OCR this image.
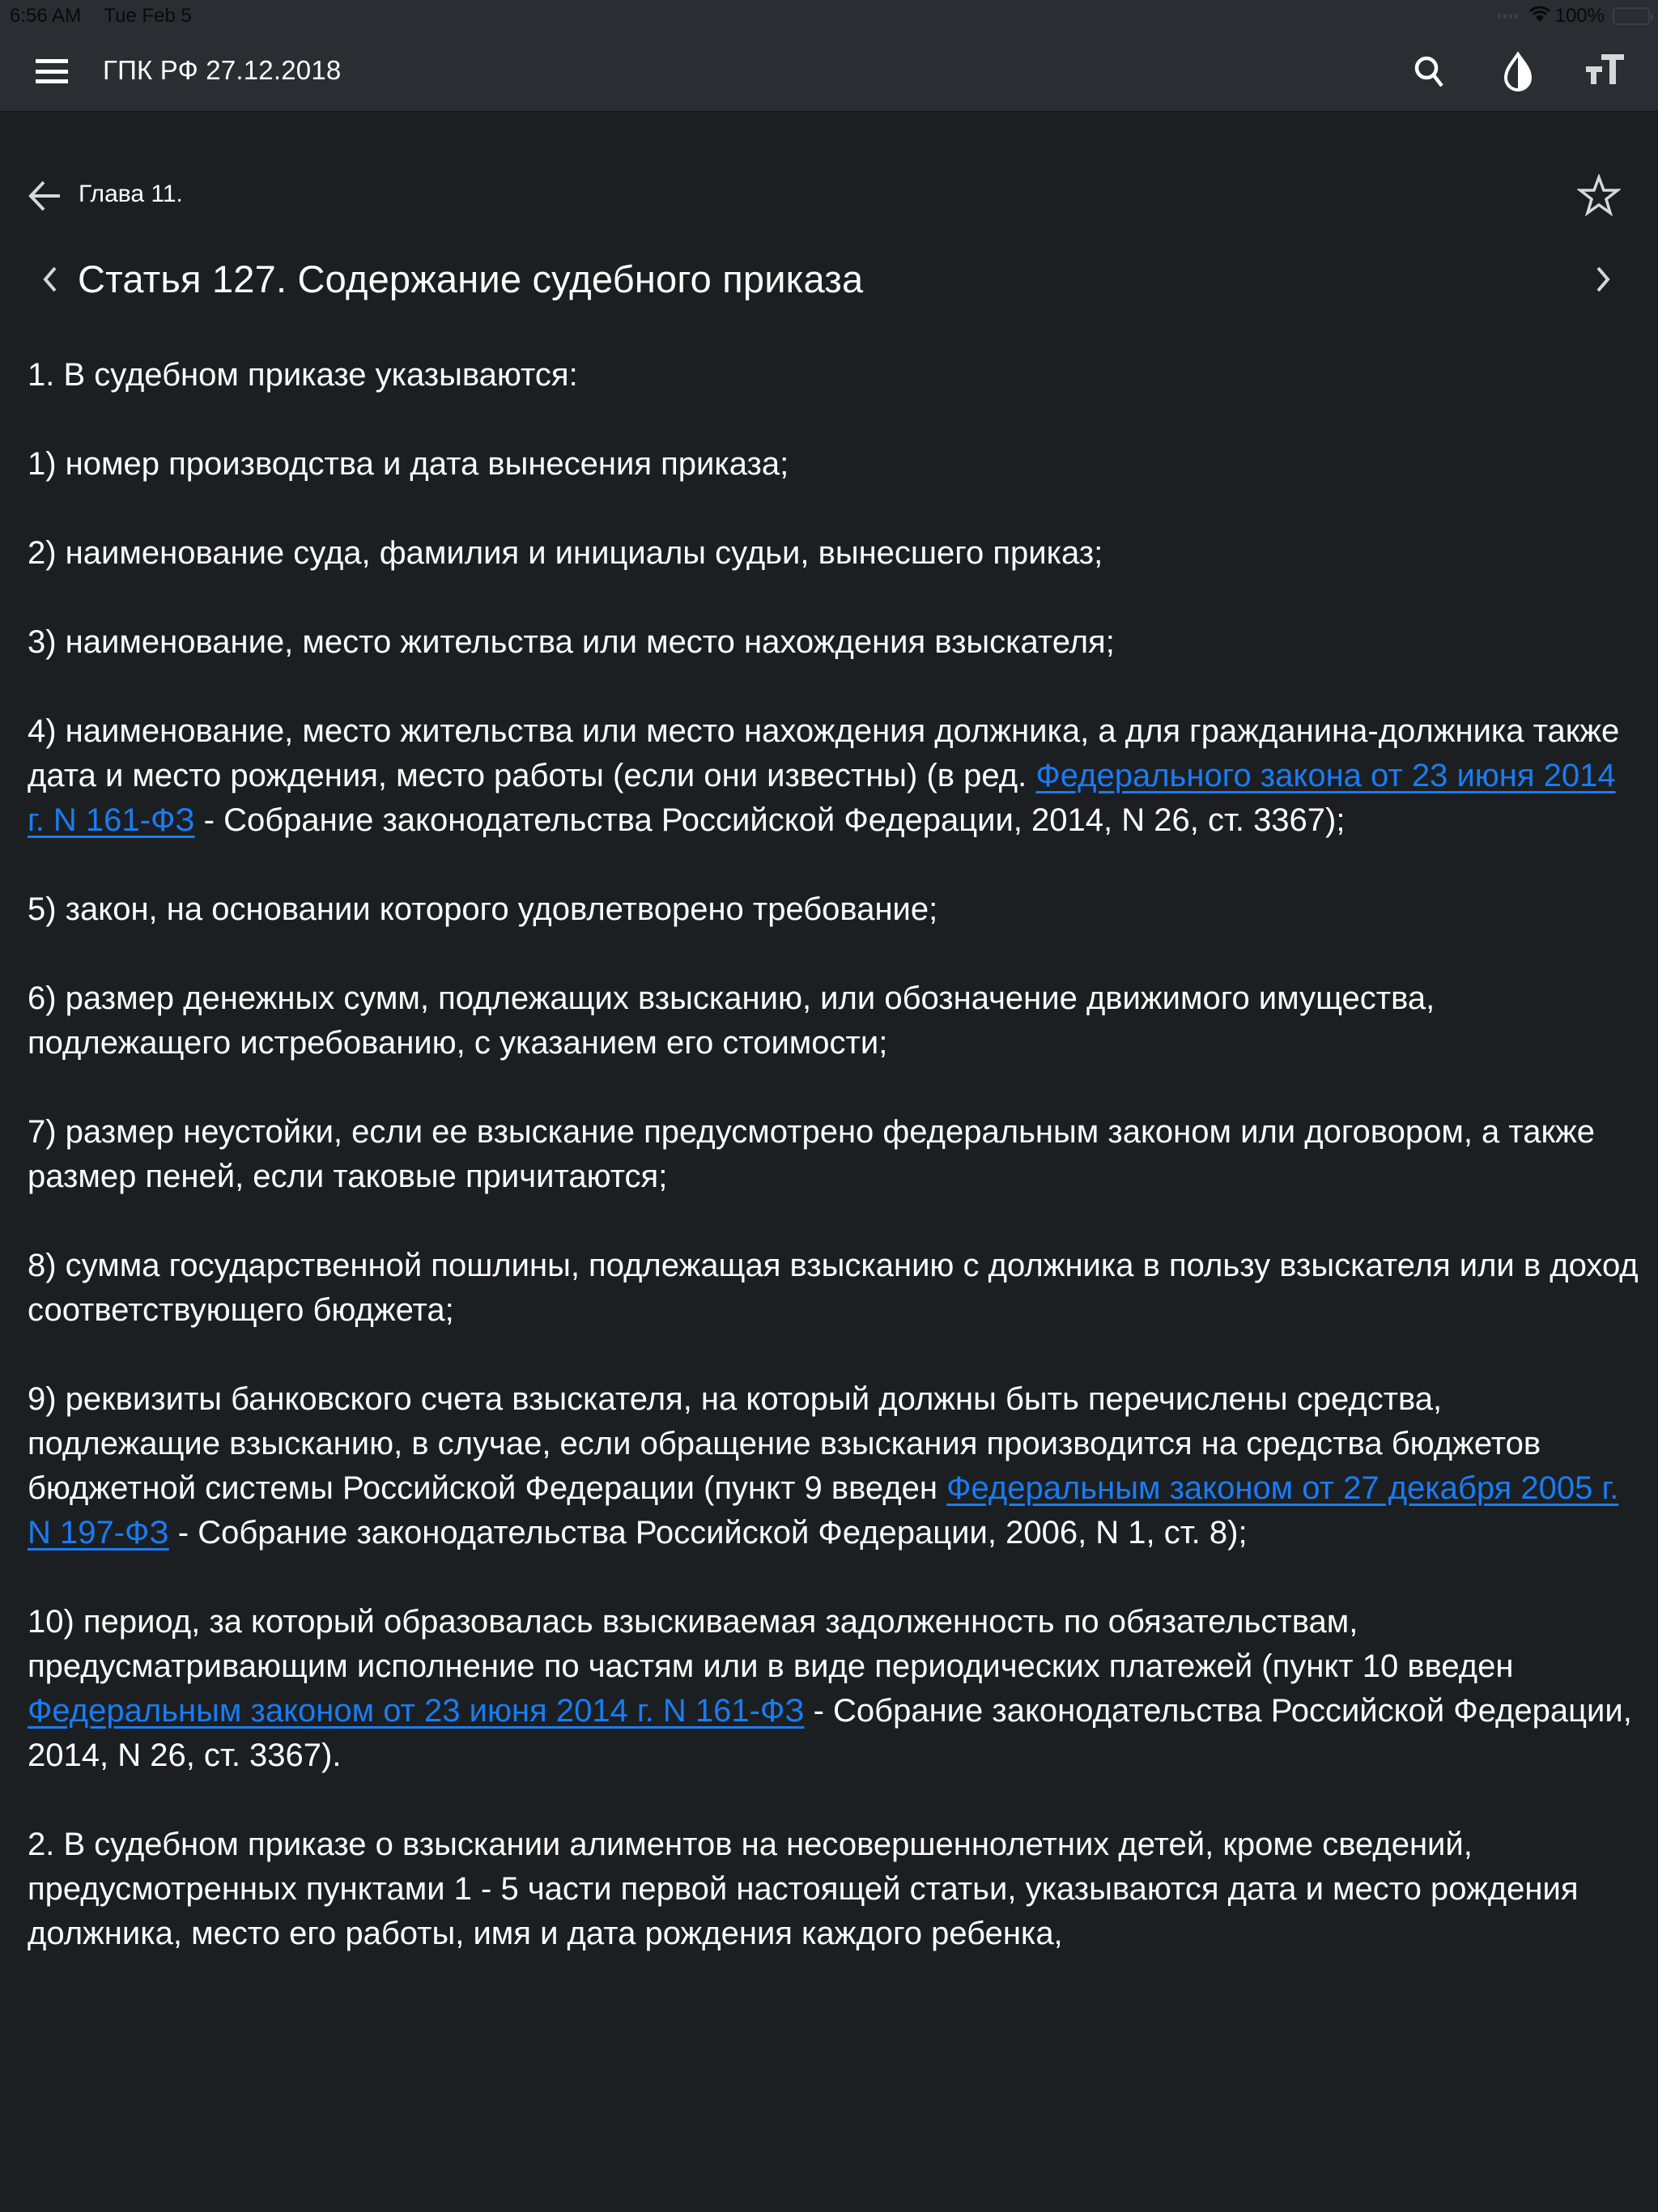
6:56 AM Tue Feb 5	100%
ГПК РФ 27.12.2018
Глава 11.
Статья 127. Содержание судебного приказа

1. В судебном приказе указываются:

1) номер производства и дата вынесения приказа;

2) наименование суда, фамилия и инициалы судьи, вынесшего приказ;

3) наименование, место жительства или место нахождения взыскателя;

4) наименование, место жительства или место нахождения должника, а для гражданина-должника также дата и место рождения, место работы (если они известны) (в ред. Федерального закона от 23 июня 2014 г. N 161-ФЗ - Собрание законодательства Российской Федерации, 2014, N 26, ст. 3367);

5) закон, на основании которого удовлетворено требование;

6) размер денежных сумм, подлежащих взысканию, или обозначение движимого имущества, подлежащего истребованию, с указанием его стоимости;

7) размер неустойки, если ее взыскание предусмотрено федеральным законом или договором, а также размер пеней, если таковые причитаются;

8) сумма государственной пошлины, подлежащая взысканию с должника в пользу взыскателя или в доход соответствующего бюджета;

9) реквизиты банковского счета взыскателя, на который должны быть перечислены средства, подлежащие взысканию, в случае, если обращение взыскания производится на средства бюджетов бюджетной системы Российской Федерации (пункт 9 введен Федеральным законом от 27 декабря 2005 г. N 197-ФЗ - Собрание законодательства Российской Федерации, 2006, N 1, ст. 8);

10) период, за который образовалась взыскиваемая задолженность по обязательствам, предусматривающим исполнение по частям или в виде периодических платежей (пункт 10 введен Федеральным законом от 23 июня 2014 г. N 161-ФЗ - Собрание законодательства Российской Федерации, 2014, N 26, ст. 3367).

2. В судебном приказе о взыскании алиментов на несовершеннолетних детей, кроме сведений, предусмотренных пунктами 1 - 5 части первой настоящей статьи, указываются дата и место рождения должника, место его работы, имя и дата рождения каждого ребенка,
